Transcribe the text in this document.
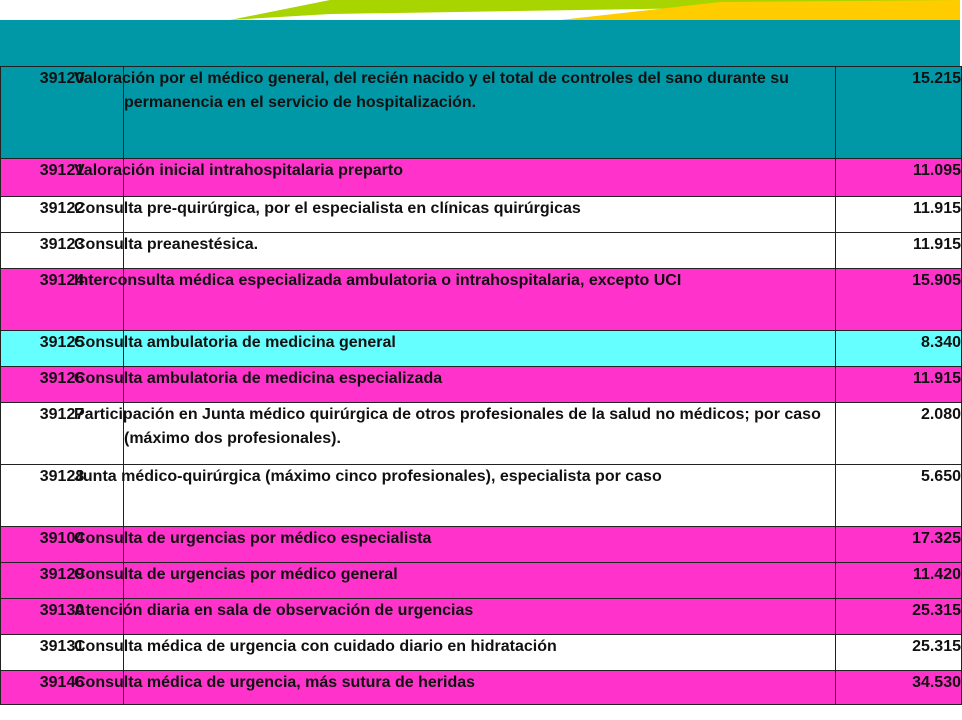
39120	Valoración por el médico general, del recién nacido y el total de controles del sano durante su permanencia en el servicio de hospitalización.	15.215
39121	Valoración inicial intrahospitalaria preparto	11.095
39122	Consulta pre-quirúrgica, por el especialista en clínicas quirúrgicas	11.915
39123	Consulta preanestésica.	11.915
39124	Interconsulta médica especializada ambulatoria o intrahospitalaria, excepto UCI	15.905
39125	Consulta ambulatoria de medicina general	8.340
39126	Consulta ambulatoria de medicina especializada	11.915
39127	Participación en Junta médico quirúrgica de otros profesionales de la salud no médicos; por caso (máximo dos profesionales).	2.080
39128	Junta médico-quirúrgica (máximo cinco profesionales), especialista por caso	5.650
39104	Consulta de urgencias por médico especialista	17.325
39129	Consulta de urgencias por médico general	11.420
39130	Atención diaria en sala de observación de urgencias	25.315
39131	Consulta médica de urgencia con cuidado diario en hidratación	25.315
39146	Consulta médica de urgencia, más sutura de heridas	34.530
